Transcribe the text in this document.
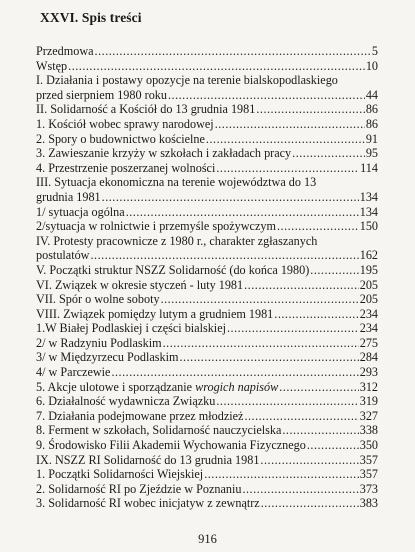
XXVI. Spis treści
Przedmowa .....	5
Wstęp .....	10
I. Działania i postawy opozycje na terenie bialskopodlaskiego
przed sierpniem 1980 roku .....	44
II. Solidarność a Kościół do 13 grudnia 1981 .....	86
1. Kościół wobec sprawy narodowej .....	86
2. Spory o budownictwo kościelne .....	91
3. Zawieszanie krzyży w szkołach i zakładach pracy .....	95
4. Przestrzenie poszerzanej wolności .....	114
III. Sytuacja ekonomiczna na terenie województwa do 13
grudnia 1981 .....	134
1/ sytuacja ogólna .....	134
2/sytuacja w rolnictwie i przemyśle spożywczym .....	150
IV. Protesty pracownicze z 1980 r., charakter zgłaszanych
postulatów .....	162
V. Początki struktur NSZZ Solidarność (do końca 1980) .....	195
VI. Związek w okresie styczeń - luty 1981 .....	205
VII. Spór o wolne soboty .....	205
VIII. Związek pomiędzy lutym a grudniem 1981 .....	234
1.W Białej Podlaskiej i części bialskiej .....	234
2/ w Radzyniu Podlaskim .....	275
3/ w Międzyrzecu Podlaskim .....	284
4/ w Parczewie .....	293
5. Akcje ulotowe i sporządzanie wrogich napisów .....	312
6. Działalność wydawnicza Związku .....	319
7. Działania podejmowane przez młodzież .....	327
8. Ferment w szkołach, Solidarność nauczycielska .....	338
9. Środowisko Filii Akademii Wychowania Fizycznego .....	350
IX. NSZZ RI Solidarność do 13 grudnia 1981 .....	357
1. Początki Solidarności Wiejskiej .....	357
2. Solidarność RI po Zjeździe w Poznaniu .....	373
3. Solidarność RI wobec inicjatyw z zewnątrz .....	383
916
